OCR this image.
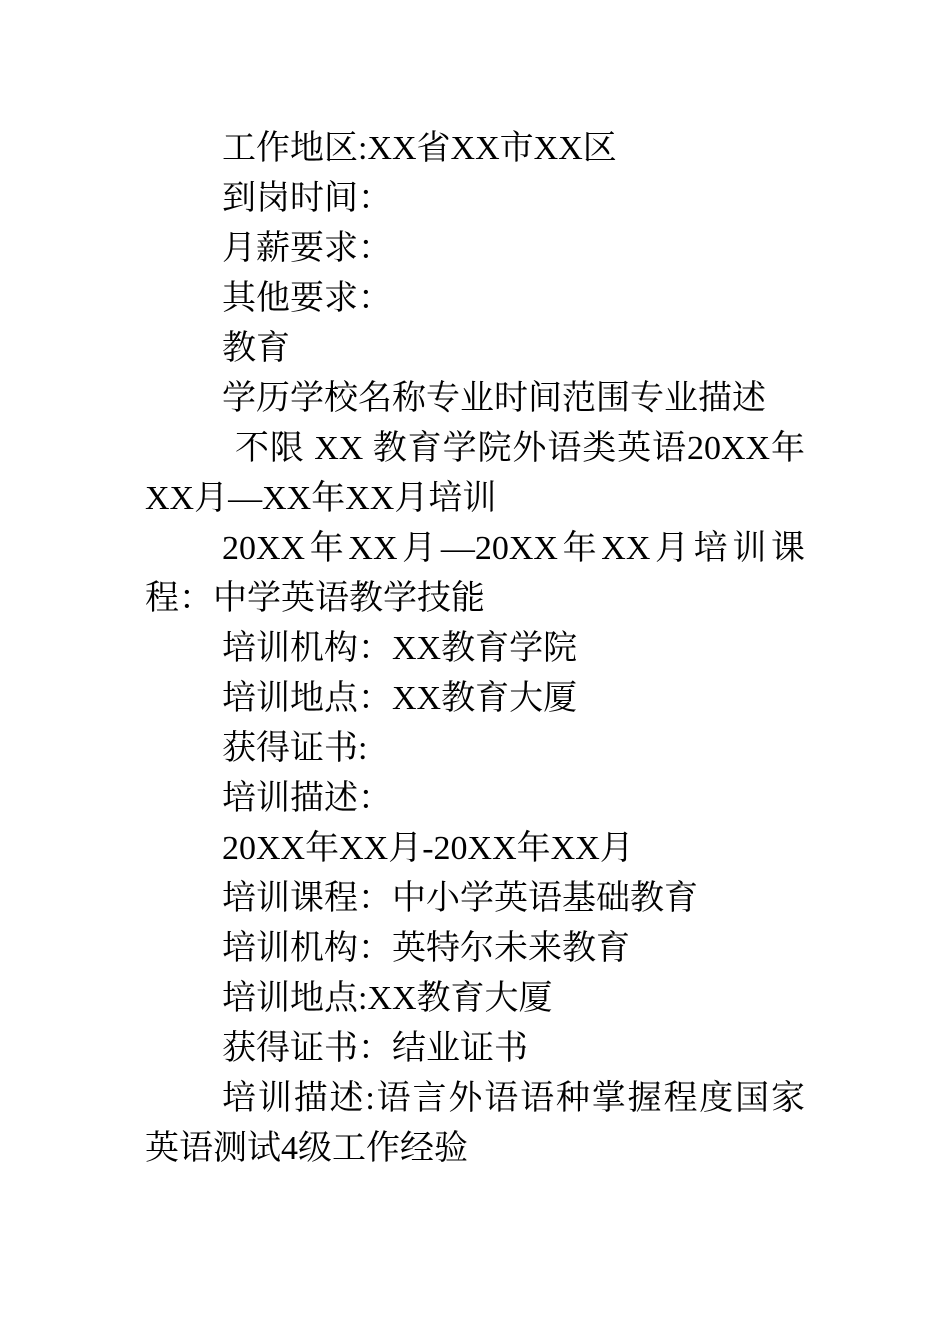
工作地区:XX省XX市XX区

到岗时间：

月薪要求：

其他要求：

教育

学历学校名称专业时间范围专业描述

不限 XX 教育学院外语类英语20XX年XX月—XX年XX月培训

20XX年XX月—20XX年XX月培训课程：中学英语教学技能

培训机构：XX教育学院

培训地点：XX教育大厦

获得证书:

培训描述：

20XX年XX月-20XX年XX月

培训课程：中小学英语基础教育

培训机构：英特尔未来教育

培训地点:XX教育大厦

获得证书：结业证书

培训描述:语言外语语种掌握程度国家英语测试4级工作经验
